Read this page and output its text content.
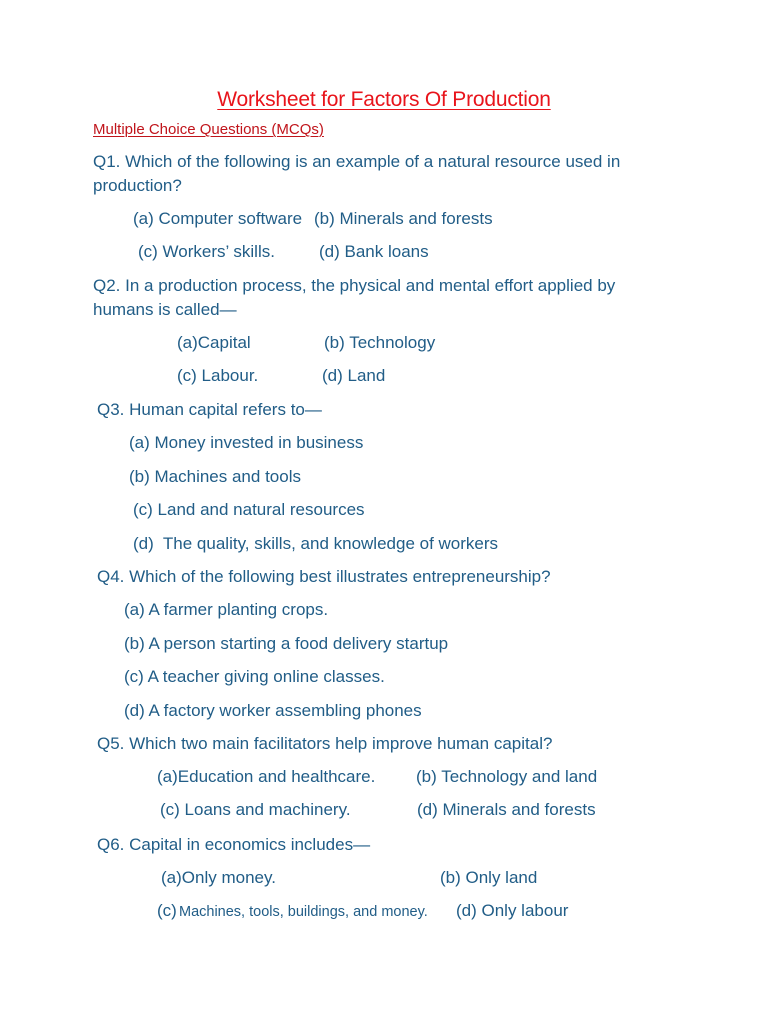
Worksheet for Factors Of Production
Multiple Choice Questions (MCQs)
Q1. Which of the following is an example of a natural resource used in production?
(a) Computer software (b) Minerals and forests
(c) Workers’ skills.	(d) Bank loans
Q2. In a production process, the physical and mental effort applied by humans is called—
(a)Capital	(b) Technology
(c) Labour.	(d) Land
Q3. Human capital refers to—
(a) Money invested in business
(b) Machines and tools
(c) Land and natural resources
(d)  The quality, skills, and knowledge of workers
Q4. Which of the following best illustrates entrepreneurship?
(a) A farmer planting crops.
(b) A person starting a food delivery startup
(c) A teacher giving online classes.
(d) A factory worker assembling phones
Q5. Which two main facilitators help improve human capital?
(a)Education and healthcare. (b) Technology and land
(c) Loans and machinery.	(d) Minerals and forests
Q6. Capital in economics includes—
(a)Only money.	(b) Only land
(c) Machines, tools, buildings, and money. (d) Only labour
